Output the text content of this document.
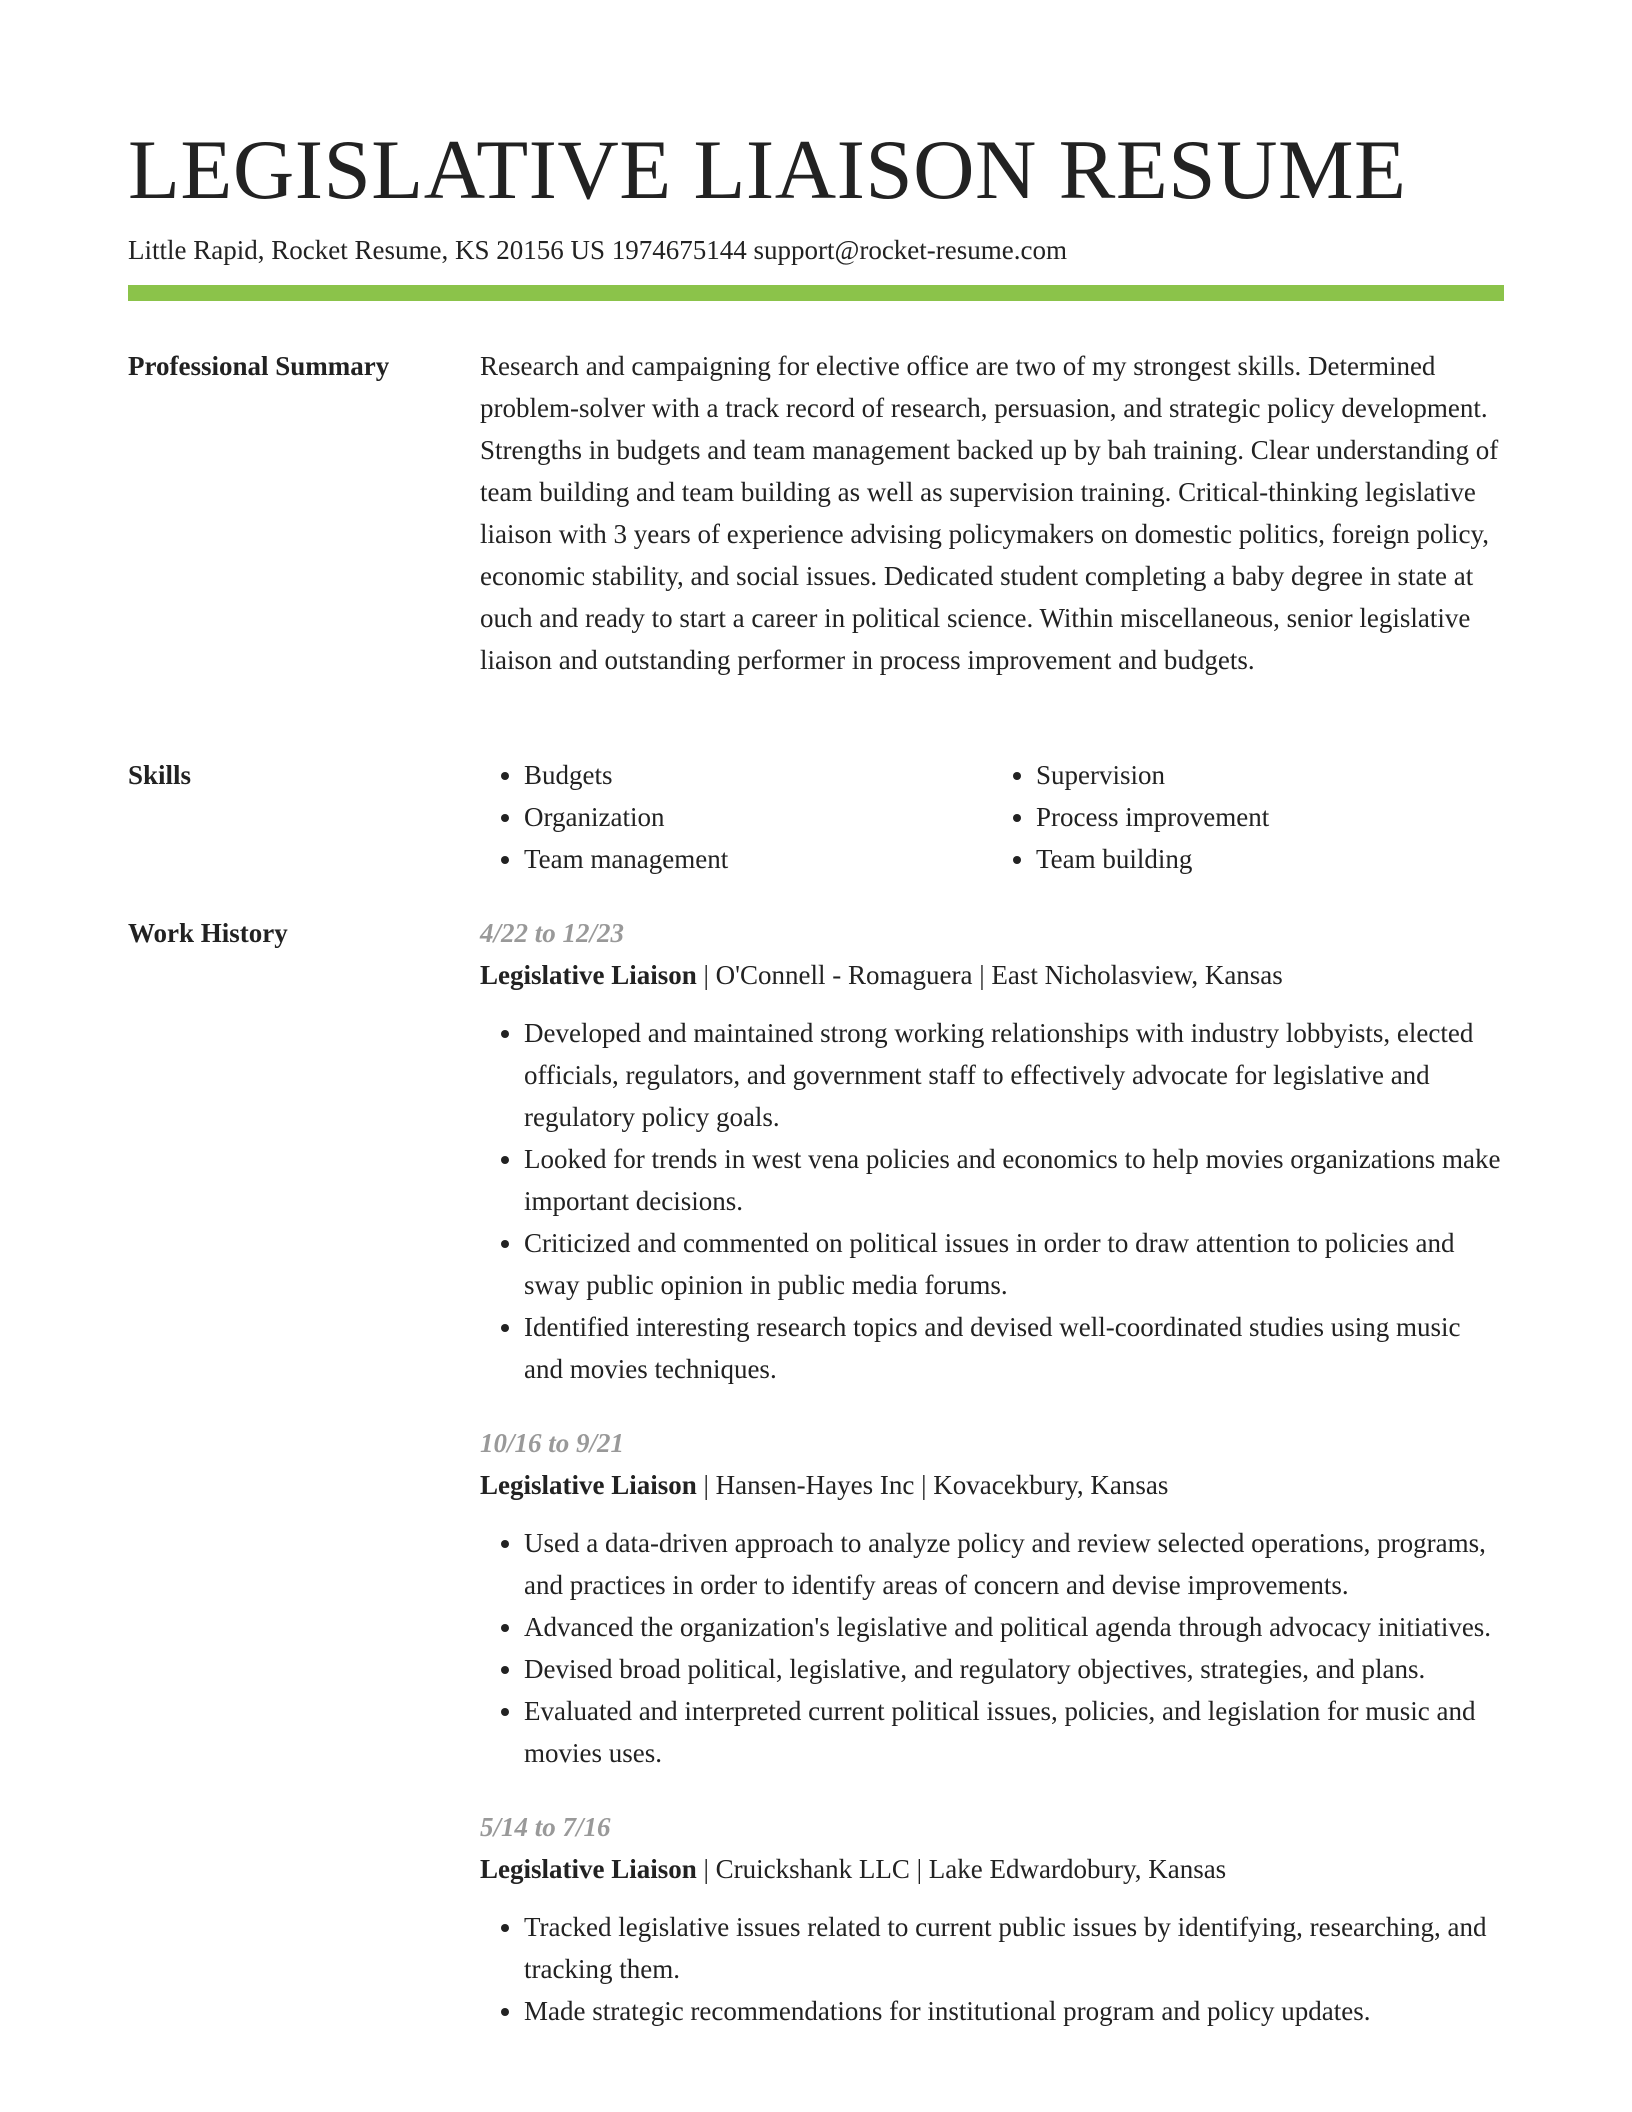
LEGISLATIVE LIAISON RESUME
Little Rapid, Rocket Resume, KS 20156 US 1974675144 support@rocket-resume.com
Professional Summary	Research and campaigning for elective office are two of my strongest skills. Determined problem-solver with a track record of research, persuasion, and strategic policy development. Strengths in budgets and team management backed up by bah training. Clear understanding of team building and team building as well as supervision training. Critical-thinking legislative liaison with 3 years of experience advising policymakers on domestic politics, foreign policy, economic stability, and social issues. Dedicated student completing a baby degree in state at ouch and ready to start a career in political science. Within miscellaneous, senior legislative liaison and outstanding performer in process improvement and budgets.

Skills
•	Budgets
• Organization
• Team management
• Supervision
• Process improvement
• Team building
Work History	4/22 to 12/23
Legislative Liaison | O'Connell - Romaguera | East Nicholasview, Kansas
• Developed and maintained strong working relationships with industry lobbyists, elected officials, regulators, and government staff to effectively advocate for legislative and regulatory policy goals.
• Looked for trends in west vena policies and economics to help movies organizations make important decisions.
• Criticized and commented on political issues in order to draw attention to policies and sway public opinion in public media forums.
• Identified interesting research topics and devised well-coordinated studies using music and movies techniques.
10/16 to 9/21
Legislative Liaison | Hansen-Hayes Inc | Kovacekbury, Kansas
• Used a data-driven approach to analyze policy and review selected operations, programs, and practices in order to identify areas of concern and devise improvements.
• Advanced the organization's legislative and political agenda through advocacy initiatives.
• Devised broad political, legislative, and regulatory objectives, strategies, and plans.
• Evaluated and interpreted current political issues, policies, and legislation for music and movies uses.
5/14 to 7/16
Legislative Liaison | Cruickshank LLC | Lake Edwardobury, Kansas
• Tracked legislative issues related to current public issues by identifying, researching, and tracking them.
• Made strategic recommendations for institutional program and policy updates.
